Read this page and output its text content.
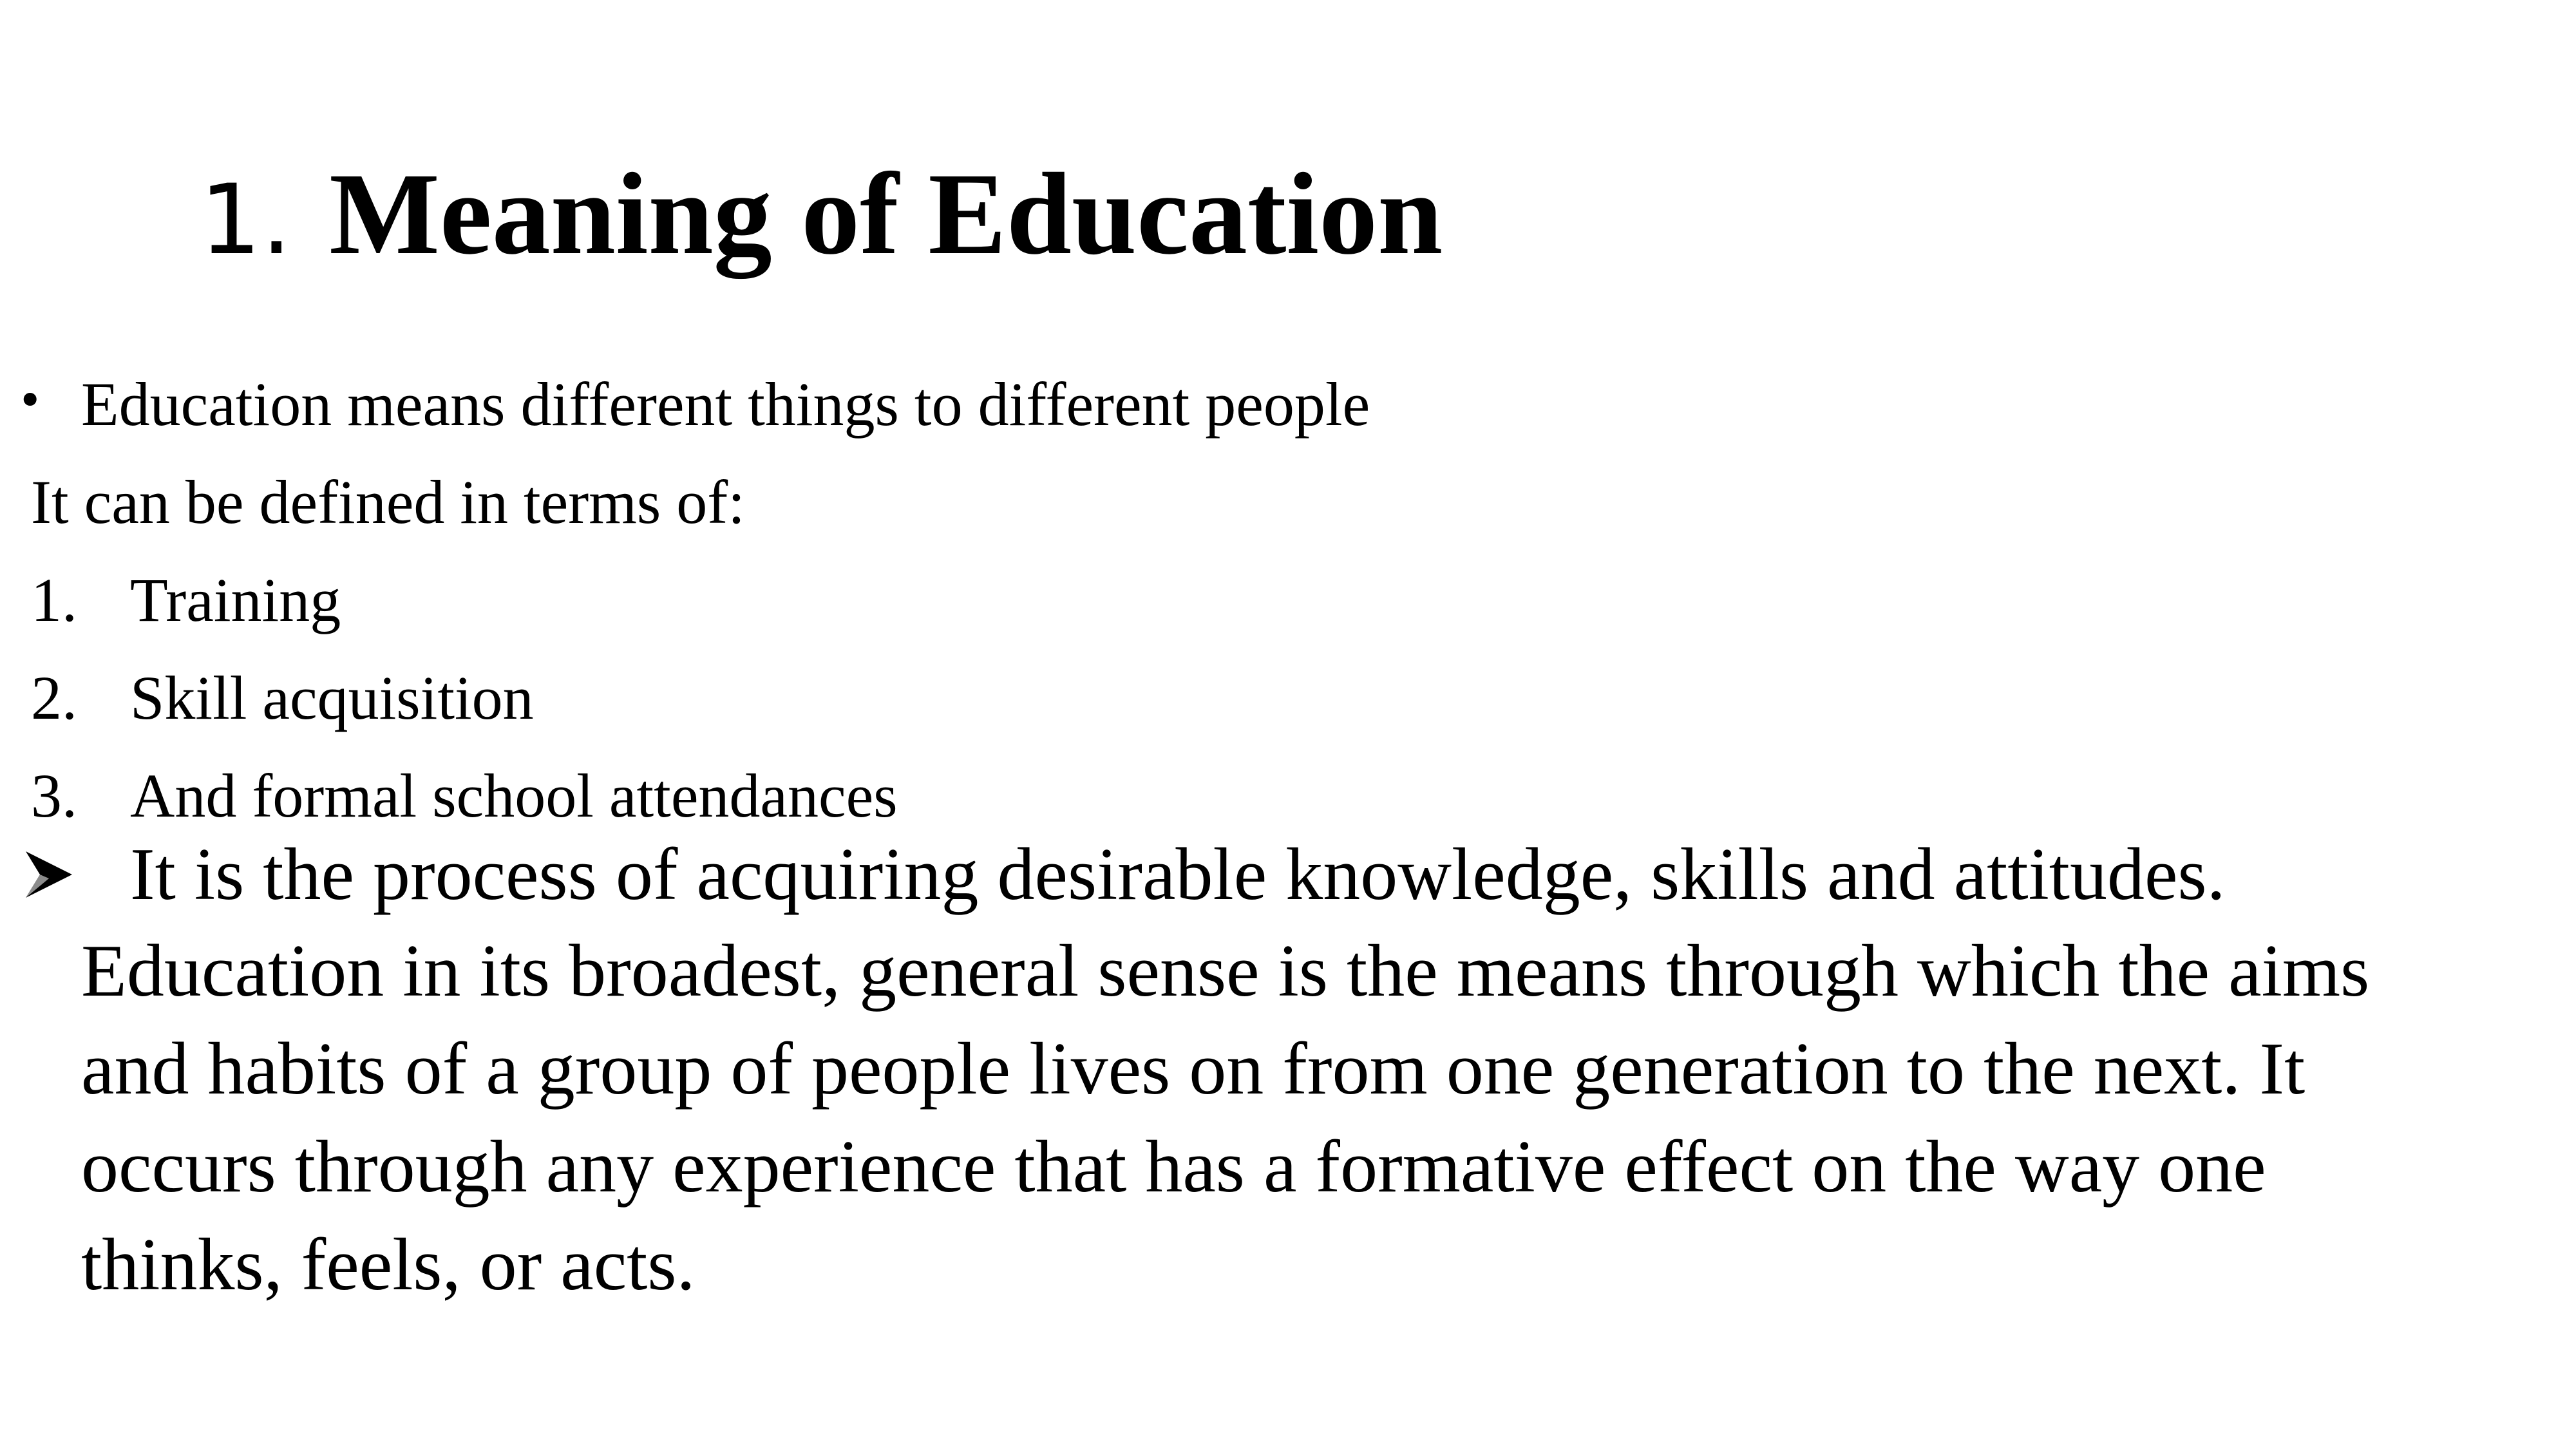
1. Meaning of Education
• Education means different things to different people
It can be defined in terms of:
1. Training
2. Skill acquisition
3. And formal school attendances
It is the process of acquiring desirable knowledge, skills and attitudes.
Education in its broadest, general sense is the means through which the aims
and habits of a group of people lives on from one generation to the next. It
occurs through any experience that has a formative effect on the way one
thinks, feels, or acts.
